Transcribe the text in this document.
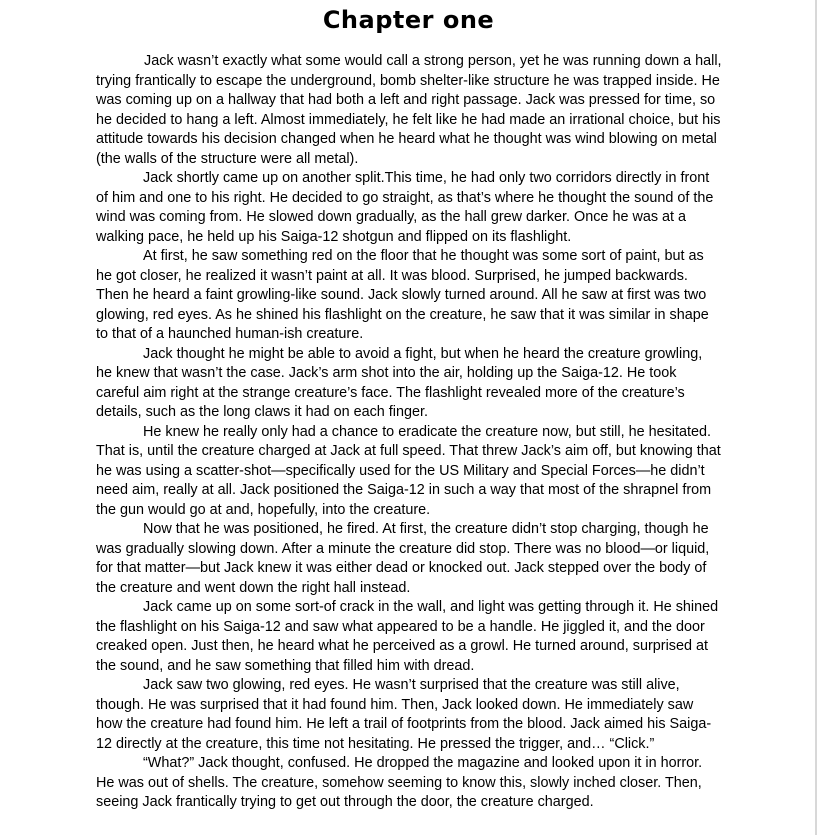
Chapter one

Jack wasn’t exactly what some would call a strong person, yet he was running down a hall, trying frantically to escape the underground, bomb shelter-like structure he was trapped inside. He was coming up on a hallway that had both a left and right passage. Jack was pressed for time, so he decided to hang a left. Almost immediately, he felt like he had made an irrational choice, but his attitude towards his decision changed when he heard what he thought was wind blowing on metal (the walls of the structure were all metal).

Jack shortly came up on another split.This time, he had only two corridors directly in front of him and one to his right. He decided to go straight, as that’s where he thought the sound of the wind was coming from. He slowed down gradually, as the hall grew darker. Once he was at a walking pace, he held up his Saiga-12 shotgun and flipped on its flashlight.

At first, he saw something red on the floor that he thought was some sort of paint, but as he got closer, he realized it wasn’t paint at all. It was blood. Surprised, he jumped backwards. Then he heard a faint growling-like sound. Jack slowly turned around. All he saw at first was two glowing, red eyes. As he shined his flashlight on the creature, he saw that it was similar in shape to that of a haunched human-ish creature.

Jack thought he might be able to avoid a fight, but when he heard the creature growling, he knew that wasn’t the case. Jack’s arm shot into the air, holding up the Saiga-12. He took careful aim right at the strange creature’s face. The flashlight revealed more of the creature’s details, such as the long claws it had on each finger.

He knew he really only had a chance to eradicate the creature now, but still, he hesitated. That is, until the creature charged at Jack at full speed. That threw Jack’s aim off, but knowing that he was using a scatter-shot—specifically used for the US Military and Special Forces—he didn’t need aim, really at all. Jack positioned the Saiga-12 in such a way that most of the shrapnel from the gun would go at and, hopefully, into the creature.

Now that he was positioned, he fired. At first, the creature didn’t stop charging, though he was gradually slowing down. After a minute the creature did stop. There was no blood—or liquid, for that matter—but Jack knew it was either dead or knocked out. Jack stepped over the body of the creature and went down the right hall instead.

Jack came up on some sort-of crack in the wall, and light was getting through it. He shined the flashlight on his Saiga-12 and saw what appeared to be a handle. He jiggled it, and the door creaked open. Just then, he heard what he perceived as a growl. He turned around, surprised at the sound, and he saw something that filled him with dread.

Jack saw two glowing, red eyes. He wasn’t surprised that the creature was still alive, though. He was surprised that it had found him. Then, Jack looked down. He immediately saw how the creature had found him. He left a trail of footprints from the blood. Jack aimed his Saiga-12 directly at the creature, this time not hesitating. He pressed the trigger, and… “Click.”

“What?” Jack thought, confused. He dropped the magazine and looked upon it in horror. He was out of shells. The creature, somehow seeming to know this, slowly inched closer. Then, seeing Jack frantically trying to get out through the door, the creature charged.
